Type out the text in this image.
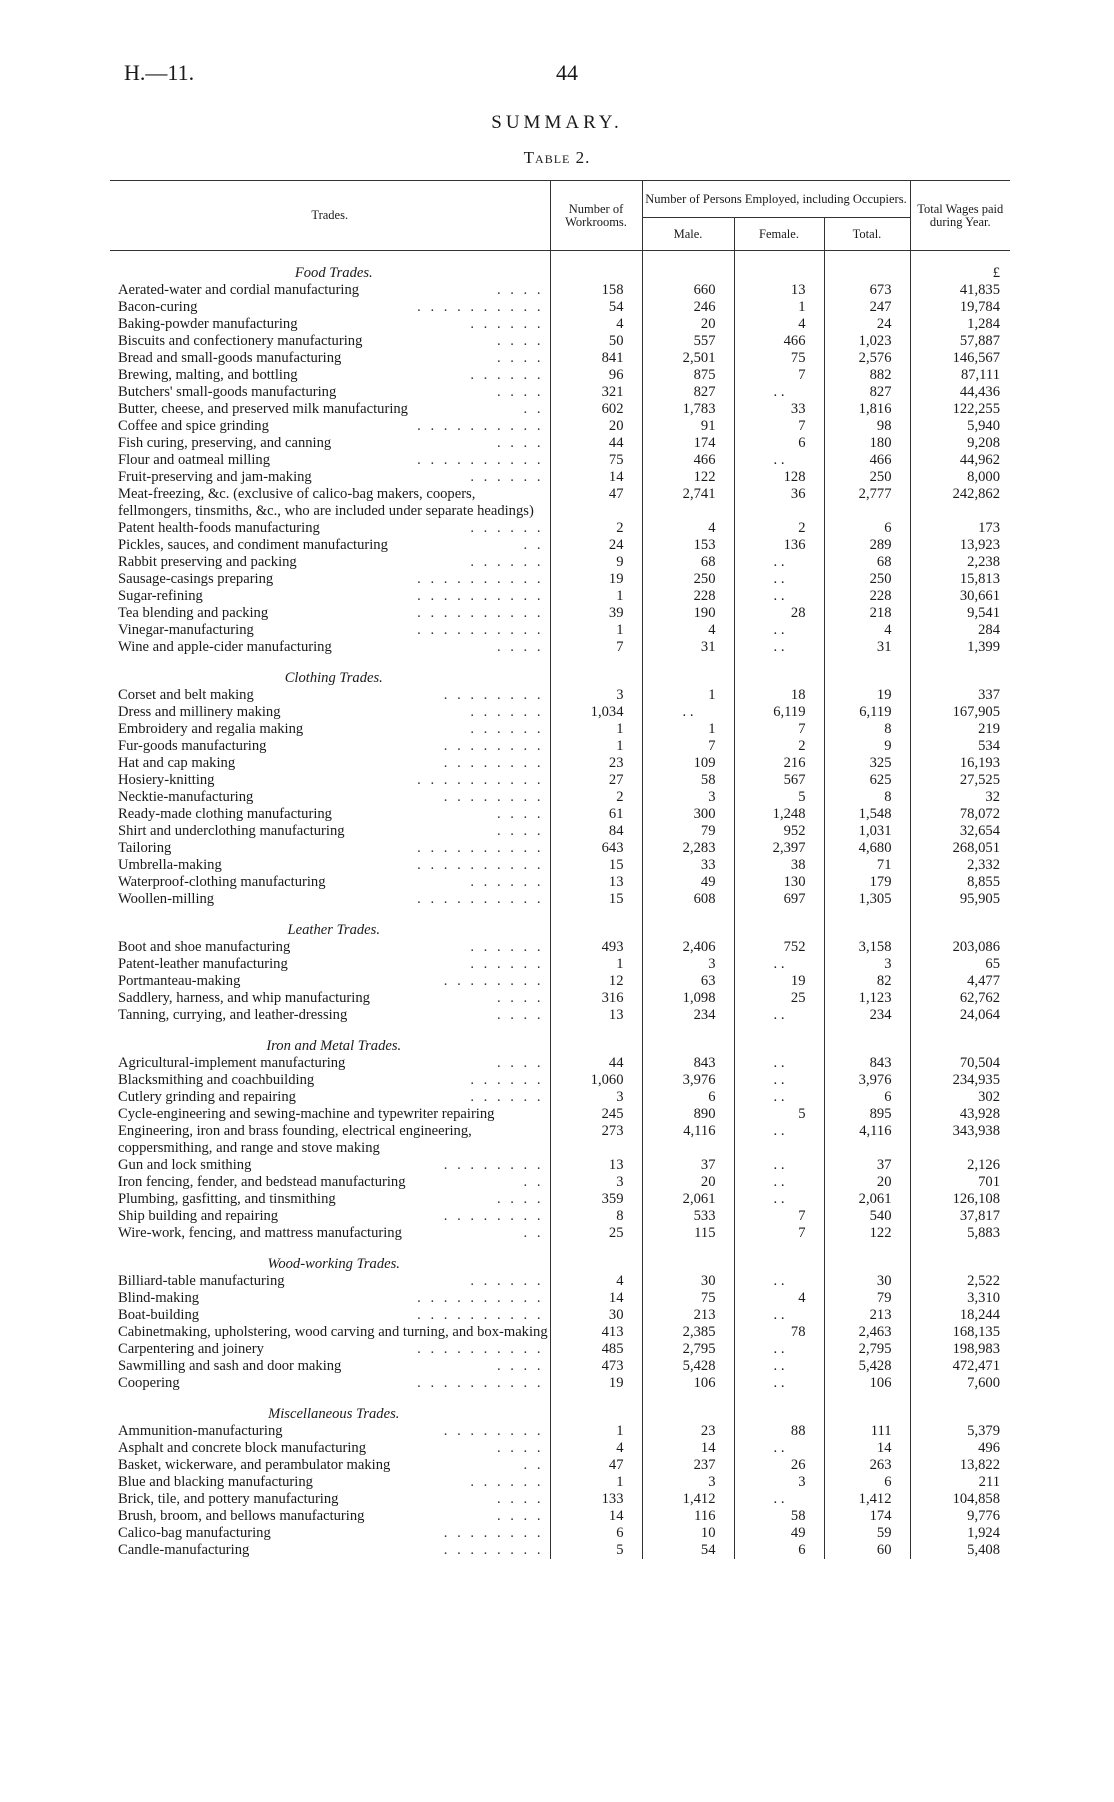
H.—11.	44
SUMMARY.
Table 2.
Trades.	Number of Workrooms.	Number of Persons Employed, including Occupiers.			Total Wages paid during Year.
		Male.	Female.	Total.	
Food Trades.					£

. . . .
Aerated-water and cordial manufacturing	158	660	13	673	41,835

. . . . . . . . . .
Bacon-curing	54	246	1	247	19,784

. . . . . .
Baking-powder manufacturing	4	20	4	24	1,284

. . . .
Biscuits and confectionery manufacturing	50	557	466	1,023	57,887

. . . .
Bread and small-goods manufacturing	841	2,501	75	2,576	146,567

. . . . . .
Brewing, malting, and bottling	96	875	7	882	87,111

. . . .
Butchers' small-goods manufacturing	321	827	. .	827	44,436

. .
Butter, cheese, and preserved milk manufacturing	602	1,783	33	1,816	122,255

. . . . . . . . . .
Coffee and spice grinding	20	91	7	98	5,940

. . . .
Fish curing, preserving, and canning	44	174	6	180	9,208

. . . . . . . . . .
Flour and oatmeal milling	75	466	. .	466	44,962

. . . . . .
Fruit-preserving and jam-making	14	122	128	250	8,000
Meat-freezing, &c. (exclusive of calico-bag makers, coopers, fellmongers, tinsmiths, &c., who are included under separate headings)	47	2,741	36	2,777	242,862

. . . . . .
Patent health-foods manufacturing	2	4	2	6	173

. .
Pickles, sauces, and condiment manufacturing	24	153	136	289	13,923

. . . . . .
Rabbit preserving and packing	9	68	. .	68	2,238

. . . . . . . . . .
Sausage-casings preparing	19	250	. .	250	15,813

. . . . . . . . . .
Sugar-refining	1	228	. .	228	30,661

. . . . . . . . . .
Tea blending and packing	39	190	28	218	9,541

. . . . . . . . . .
Vinegar-manufacturing	1	4	. .	4	284

. . . .
Wine and apple-cider manufacturing	7	31	. .	31	1,399
Clothing Trades.					

. . . . . . . .
Corset and belt making	3	1	18	19	337

. . . . . .
Dress and millinery making	1,034	. .	6,119	6,119	167,905

. . . . . .
Embroidery and regalia making	1	1	7	8	219

. . . . . . . .
Fur-goods manufacturing	1	7	2	9	534

. . . . . . . .
Hat and cap making	23	109	216	325	16,193

. . . . . . . . . .
Hosiery-knitting	27	58	567	625	27,525

. . . . . . . .
Necktie-manufacturing	2	3	5	8	32

. . . .
Ready-made clothing manufacturing	61	300	1,248	1,548	78,072

. . . .
Shirt and underclothing manufacturing	84	79	952	1,031	32,654

. . . . . . . . . .
Tailoring	643	2,283	2,397	4,680	268,051

. . . . . . . . . .
Umbrella-making	15	33	38	71	2,332

. . . . . .
Waterproof-clothing manufacturing	13	49	130	179	8,855

. . . . . . . . . .
Woollen-milling	15	608	697	1,305	95,905
Leather Trades.					

. . . . . .
Boot and shoe manufacturing	493	2,406	752	3,158	203,086

. . . . . .
Patent-leather manufacturing	1	3	. .	3	65

. . . . . . . .
Portmanteau-making	12	63	19	82	4,477

. . . .
Saddlery, harness, and whip manufacturing	316	1,098	25	1,123	62,762

. . . .
Tanning, currying, and leather-dressing	13	234	. .	234	24,064
Iron and Metal Trades.					

. . . .
Agricultural-implement manufacturing	44	843	. .	843	70,504

. . . . . .
Blacksmithing and coachbuilding	1,060	3,976	. .	3,976	234,935

. . . . . .
Cutlery grinding and repairing	3	6	. .	6	302
Cycle-engineering and sewing-machine and typewriter repairing	245	890	5	895	43,928
Engineering, iron and brass founding, electrical engineering, coppersmithing, and range and stove making	273	4,116	. .	4,116	343,938

. . . . . . . .
Gun and lock smithing	13	37	. .	37	2,126

. .
Iron fencing, fender, and bedstead manufacturing	3	20	. .	20	701

. . . .
Plumbing, gasfitting, and tinsmithing	359	2,061	. .	2,061	126,108

. . . . . . . .
Ship building and repairing	8	533	7	540	37,817

. .
Wire-work, fencing, and mattress manufacturing	25	115	7	122	5,883
Wood-working Trades.					

. . . . . .
Billiard-table manufacturing	4	30	. .	30	2,522

. . . . . . . . . .
Blind-making	14	75	4	79	3,310

. . . . . . . . . .
Boat-building	30	213	. .	213	18,244
Cabinetmaking, upholstering, wood carving and turning, and box-making	413	2,385	78	2,463	168,135

. . . . . . . . . .
Carpentering and joinery	485	2,795	. .	2,795	198,983

. . . .
Sawmilling and sash and door making	473	5,428	. .	5,428	472,471

. . . . . . . . . .
Coopering	19	106	. .	106	7,600
Miscellaneous Trades.					

. . . . . . . .
Ammunition-manufacturing	1	23	88	111	5,379

. . . .
Asphalt and concrete block manufacturing	4	14	. .	14	496

. .
Basket, wickerware, and perambulator making	47	237	26	263	13,822

. . . . . .
Blue and blacking manufacturing	1	3	3	6	211

. . . .
Brick, tile, and pottery manufacturing	133	1,412	. .	1,412	104,858

. . . .
Brush, broom, and bellows manufacturing	14	116	58	174	9,776

. . . . . . . .
Calico-bag manufacturing	6	10	49	59	1,924

. . . . . . . .
Candle-manufacturing	5	54	6	60	5,408
